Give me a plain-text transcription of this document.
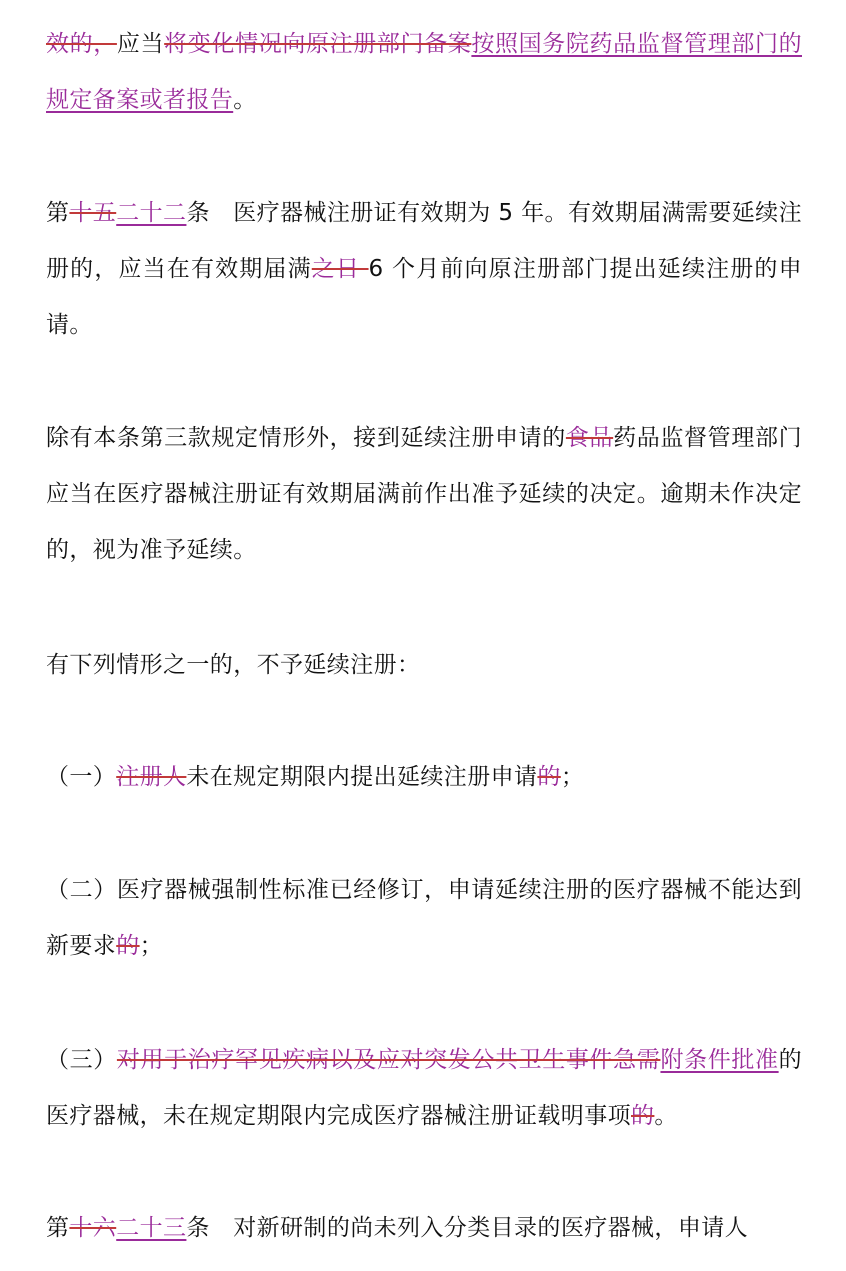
效的，应当将变化情况向原注册部门备案按照国务院药品监督管理部门的规定备案或者报告。

第十五二十二条　医疗器械注册证有效期为 5 年。有效期届满需要延续注册的，应当在有效期届满之日 6 个月前向原注册部门提出延续注册的申请。

除有本条第三款规定情形外，接到延续注册申请的食品药品监督管理部门应当在医疗器械注册证有效期届满前作出准予延续的决定。逾期未作决定的，视为准予延续。

有下列情形之一的，不予延续注册：

（一）注册人未在规定期限内提出延续注册申请的；

（二）医疗器械强制性标准已经修订，申请延续注册的医疗器械不能达到新要求的；

（三）对用于治疗罕见疾病以及应对突发公共卫生事件急需附条件批准的医疗器械，未在规定期限内完成医疗器械注册证载明事项的。

第十六二十三条　对新研制的尚未列入分类目录的医疗器械，申请人
